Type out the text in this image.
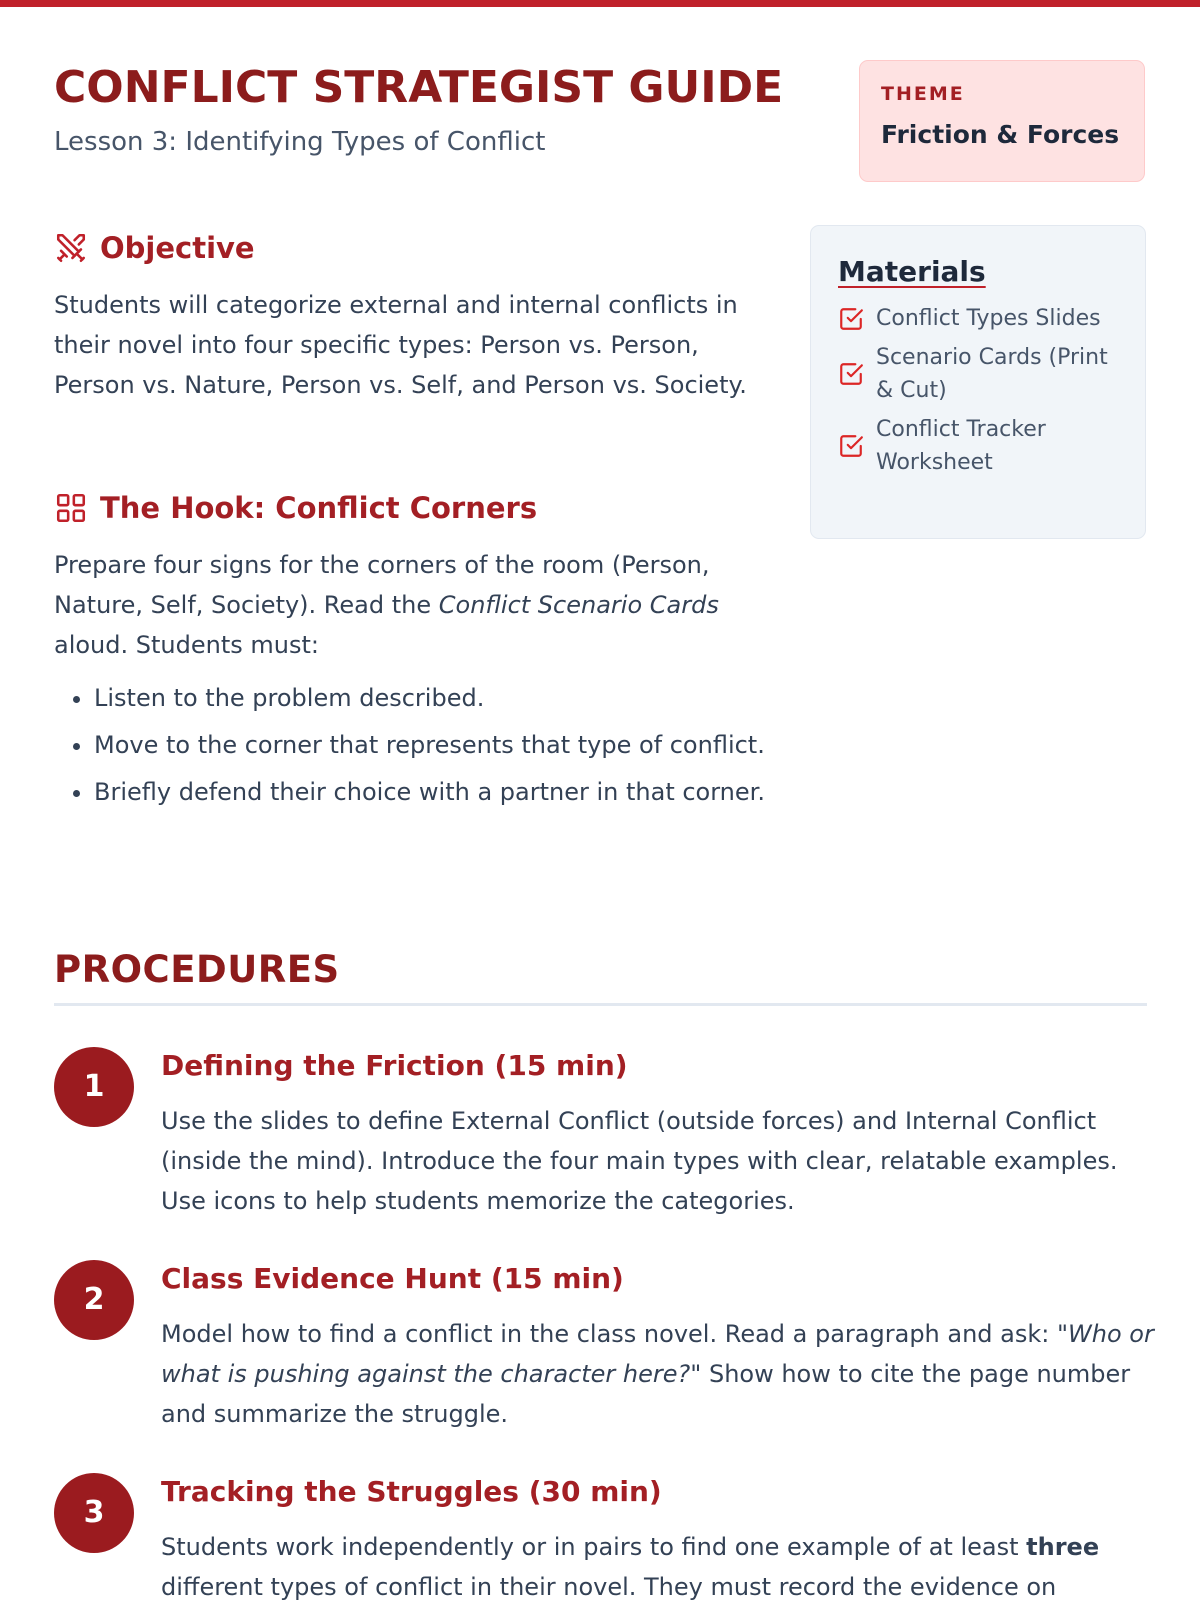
CONFLICT STRATEGIST GUIDE
Lesson 3: Identifying Types of Conflict
THEME
Friction & Forces
Objective

Students will categorize external and internal conflicts in their novel into four specific types: Person vs. Person, Person vs. Nature, Person vs. Self, and Person vs. Society.

The Hook: Conflict Corners

Prepare four signs for the corners of the room (Person, Nature, Self, Society). Read the Conflict Scenario Cards aloud. Students must:

• Listen to the problem described.
• Move to the corner that represents that type of conflict.
• Briefly defend their choice with a partner in that corner.
Materials
Conflict Types Slides
Scenario Cards (Print & Cut)
Conflict Tracker Worksheet
PROCEDURES
1
Defining the Friction (15 min)

Use the slides to define External Conflict (outside forces) and Internal Conflict (inside the mind). Introduce the four main types with clear, relatable examples. Use icons to help students memorize the categories.

2
Class Evidence Hunt (15 min)

Model how to find a conflict in the class novel. Read a paragraph and ask: "Who or what is pushing against the character here?" Show how to cite the page number and summarize the struggle.

3
Tracking the Struggles (30 min)

Students work independently or in pairs to find one example of at least three different types of conflict in their novel. They must record the evidence on
